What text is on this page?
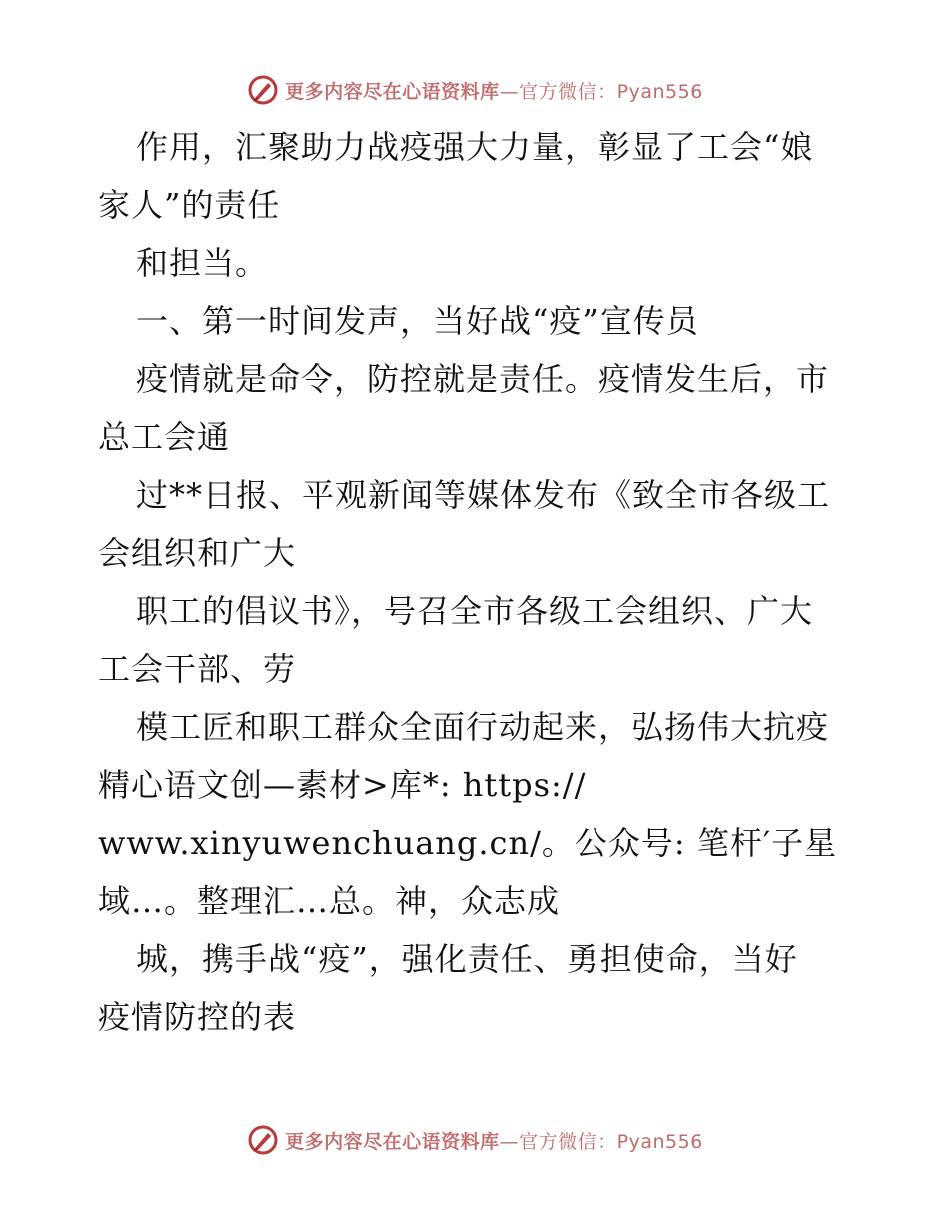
更多内容尽在心语资料库—官方微信：Pyan556
作用，汇聚助力战疫强大力量，彰显了工会“娘
家人”的责任
和担当。
一、第一时间发声，当好战“疫”宣传员
疫情就是命令，防控就是责任。疫情发生后，市
总工会通
过**日报、平观新闻等媒体发布《致全市各级工
会组织和广大
职工的倡议书》，号召全市各级工会组织、广大
工会干部、劳
模工匠和职工群众全面行动起来，弘扬伟大抗疫
精心语文创—素材>库*: https://
www.xinyuwenchuang.cn/。公众号: 笔杆′子星
域…。整理汇…总。神，众志成
城，携手战“疫”，强化责任、勇担使命，当好
疫情防控的表
更多内容尽在心语资料库—官方微信：Pyan556
